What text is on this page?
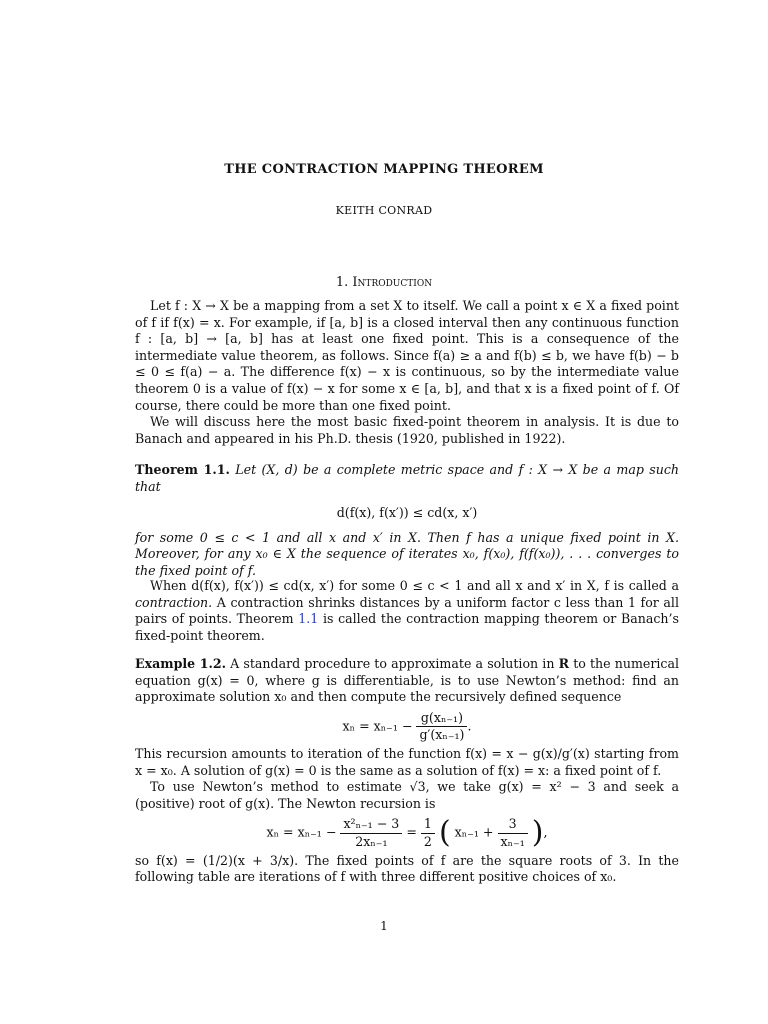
THE CONTRACTION MAPPING THEOREM
KEITH CONRAD
1. Introduction

Let f : X → X be a mapping from a set X to itself. We call a point x ∈ X a fixed point of f if f(x) = x. For example, if [a, b] is a closed interval then any continuous function f : [a, b] → [a, b] has at least one fixed point. This is a consequence of the intermediate value theorem, as follows. Since f(a) ≥ a and f(b) ≤ b, we have f(b) − b ≤ 0 ≤ f(a) − a. The difference f(x) − x is continuous, so by the intermediate value theorem 0 is a value of f(x) − x for some x ∈ [a, b], and that x is a fixed point of f. Of course, there could be more than one fixed point.

We will discuss here the most basic fixed-point theorem in analysis. It is due to Banach and appeared in his Ph.D. thesis (1920, published in 1922).

Theorem 1.1. Let (X, d) be a complete metric space and f : X → X be a map such that

d(f(x), f(x′)) ≤ cd(x, x′)

for some 0 ≤ c < 1 and all x and x′ in X. Then f has a unique fixed point in X. Moreover, for any x₀ ∈ X the sequence of iterates x₀, f(x₀), f(f(x₀)), . . . converges to the fixed point of f.

When d(f(x), f(x′)) ≤ cd(x, x′) for some 0 ≤ c < 1 and all x and x′ in X, f is called a contraction. A contraction shrinks distances by a uniform factor c less than 1 for all pairs of points. Theorem 1.1 is called the contraction mapping theorem or Banach’s fixed-point theorem.

Example 1.2. A standard procedure to approximate a solution in R to the numerical equation g(x) = 0, where g is differentiable, is to use Newton’s method: find an approximate solution x₀ and then compute the recursively defined sequence

$x_n = x_{n-1} - \frac{\text{g(xₙ₋₁)}}{\text{g′(xₙ₋₁)}}$ .

This recursion amounts to iteration of the function f(x) = x − g(x)/g′(x) starting from x = x₀. A solution of g(x) = 0 is the same as a solution of f(x) = x: a fixed point of f.

To use Newton’s method to estimate √3, we take g(x) = x² − 3 and seek a (positive) root of g(x). The Newton recursion is

$x_n = x_{n-1} - \frac{\text{x²ₙ₋₁ − 3}}{\text{2xₙ₋₁}} = \frac{1}{2}$ ( $x_{n-1} + \frac{3}{\text{xₙ₋₁}}$ ),

so f(x) = (1/2)(x + 3/x). The fixed points of f are the square roots of 3. In the following table are iterations of f with three different positive choices of x₀.

1
